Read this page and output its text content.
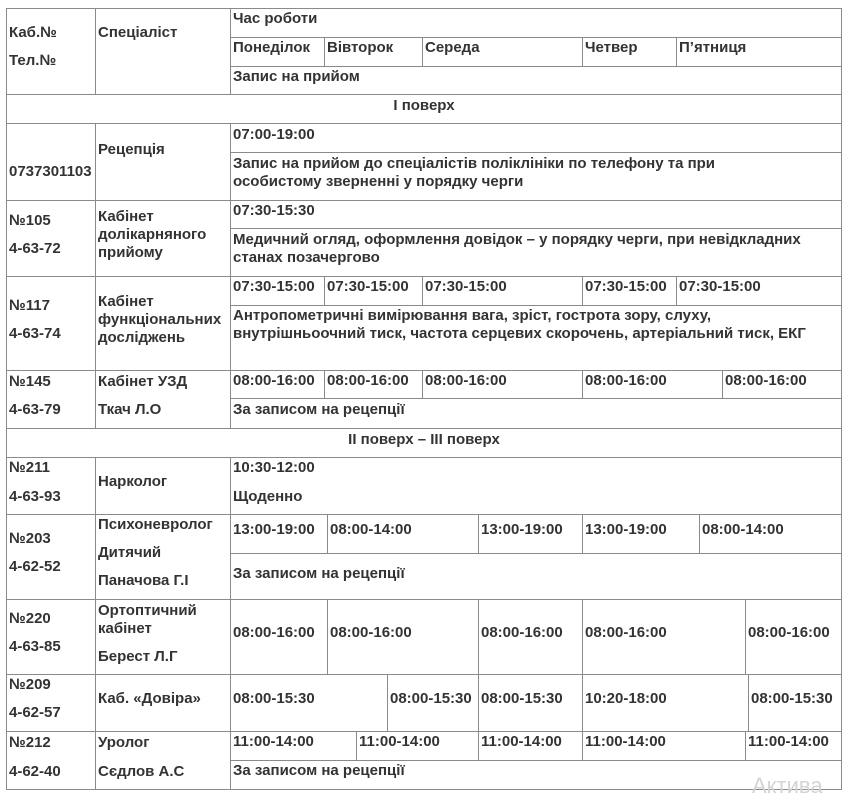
Каб.№
Тел.№
Спеціаліст
Час роботи
Понеділок Вівторок Середа	Четвер	П’ятниця
Запис на прийом
І поверх
0737301103
Рецепція
07:00-19:00
Запис на прийом до спеціалістів поліклініки по телефону та при особистому зверненні у порядку черги
№105
4-63-72
Кабінет долікарняного прийому
07:30-15:30
Медичний огляд, оформлення довідок – у порядку черги, при невідкладних станах позачергово
№117
4-63-74
Кабінет функціональних досліджень
07:30-15:00 07:30-15:00 07:30-15:00	07:30-15:00 07:30-15:00
Антропометричні вимірювання вага, зріст, гострота зору, слуху, внутрішньоочний тиск, частота серцевих скорочень, артеріальний тиск, ЕКГ
№145
4-63-79
Кабінет УЗД
Ткач Л.О
08:00-16:00 08:00-16:00 08:00-16:00	08:00-16:00	08:00-16:00
За записом на рецепції
ІІ поверх – ІІІ поверх
№211
4-63-93
Нарколог
10:30-12:00
Щоденно
№203
4-62-52
Психоневролог
Дитячий
Паначова Г.І
13:00-19:00 08:00-14:00	13:00-19:00 13:00-19:00 08:00-14:00
За записом на рецепції
№220
4-63-85
Ортоптичний кабінет
Берест Л.Г
08:00-16:00 08:00-16:00	08:00-16:00 08:00-16:00	08:00-16:00
№209
4-62-57
Каб. «Довіра» 08:00-15:30	08:00-15:30 08:00-15:30 10:20-18:00	08:00-15:30
№212
4-62-40
Уролог
Сєдлов А.С
11:00-14:00	11:00-14:00	11:00-14:00 11:00-14:00	11:00-14:00
За записом на рецепції
Актива
